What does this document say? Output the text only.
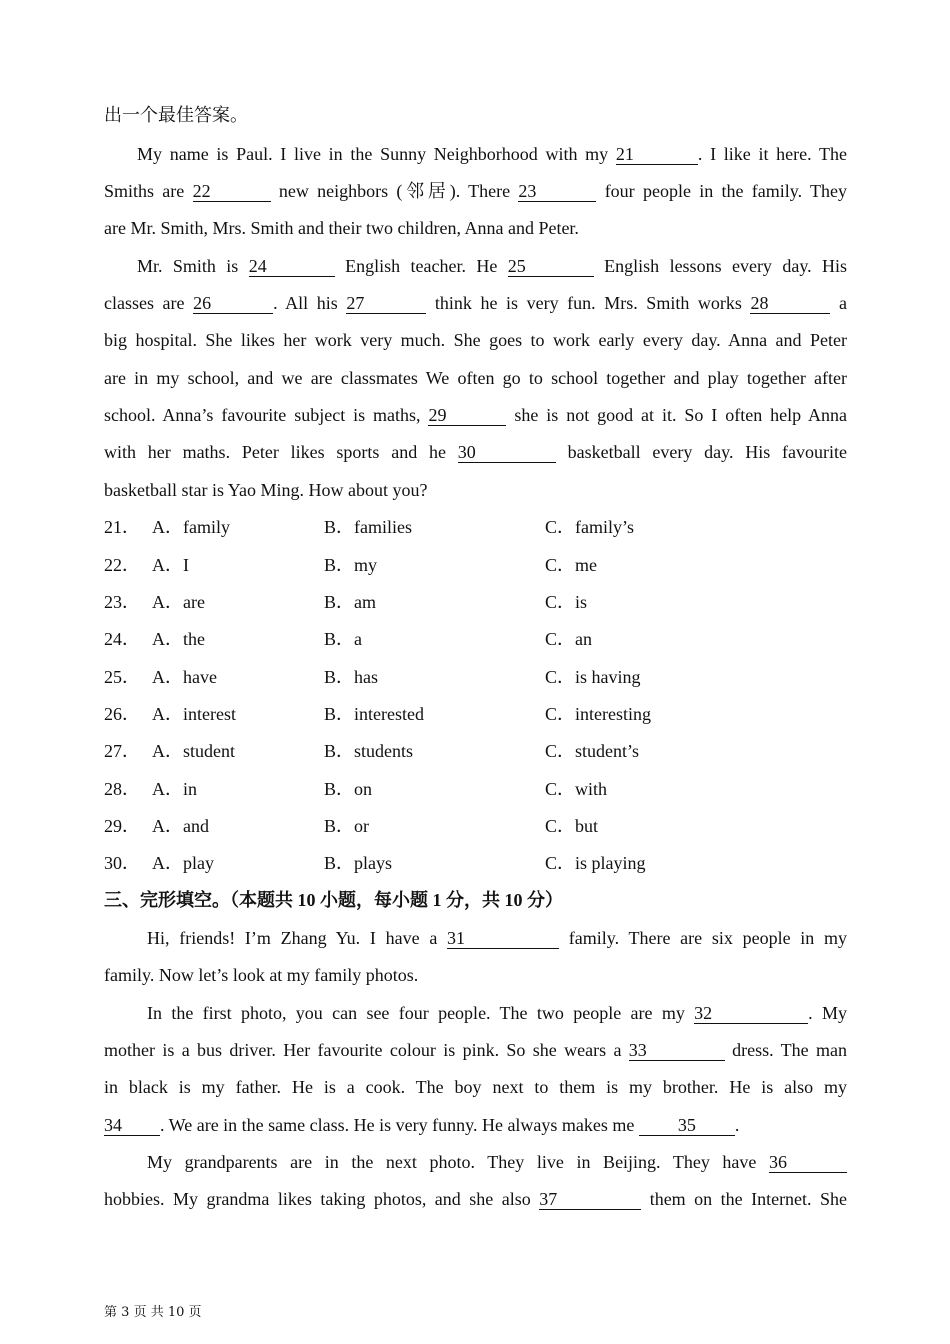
出一个最佳答案。
My name is Paul. I live in the Sunny Neighborhood with my 21	. I like it here. The
Smiths are 22	new neighbors (邻居). There 23	four people in the family. They
are Mr. Smith, Mrs. Smith and their two children, Anna and Peter.
Mr. Smith is 24	English teacher. He 25	English lessons every day. His
classes are 26	. All his 27	think he is very fun. Mrs. Smith works 28	a
big hospital. She likes her work very much. She goes to work early every day. Anna and Peter
are in my school, and we are classmates We often go to school together and play together after
school. Anna’s favourite subject is maths, 29	she is not good at it. So I often help Anna
with her maths. Peter likes sports and he 30	basketball every day. His favourite
basketball star is Yao Ming. How about you?
21． A．family	B．families	C．family’s
22． A．I	B．my	C．me
23． A．are	B．am	C．is
24． A．the	B．a	C．an
25． A．have	B．has	C．is having
26． A．interest	B．interested	C．interesting
27． A．student	B．students	C．student’s
28． A．in	B．on	C．with
29． A．and	B．or	C．but
30． A．play	B．plays	C．is playing
三、完形填空。（本题共 10 小题，每小题 1 分，共 10 分）
Hi, friends! I’m Zhang Yu. I have a 31	family. There are six people in my
family. Now let’s look at my family photos.
In the first photo, you can see four people. The two people are my 32	. My
mother is a bus driver. Her favourite colour is pink. So she wears a 33	dress. The man
in black is my father. He is a cook. The boy next to them is my brother. He is also my
34 . We are in the same class. He is very funny. He always makes me 35 .
My grandparents are in the next photo. They live in Beijing. They have 36
hobbies. My grandma likes taking photos, and she also 37	them on the Internet. She
第 3 页 共 10 页
